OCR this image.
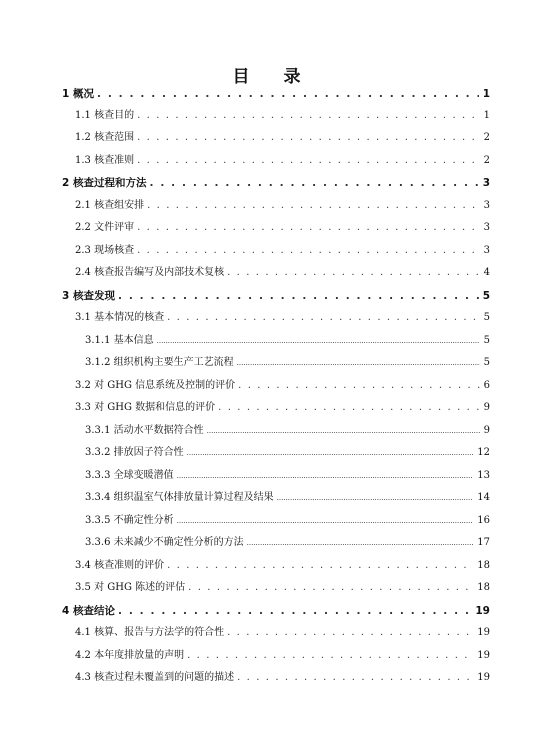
目 录
1 概况 . . .	1
1.1 核查目的 . . .	1
1.2 核查范围 . . .	2
1.3 核查准则 . . .	2
2 核查过程和方法 . . .	3
2.1 核查组安排 . . .	3
2.2 文件评审 . . .	3
2.3 现场核查 . . .	3
2.4 核查报告编写及内部技术复核 . . .	4
3 核查发现 . . .	5
3.1 基本情况的核查 . . .	5
3.1.1 基本信息 .....	5
3.1.2 组织机构主要生产工艺流程 .....	5
3.2 对 GHG 信息系统及控制的评价 . . .	6
3.3 对 GHG 数据和信息的评价 . . .	9
3.3.1 活动水平数据符合性 .....	9
3.3.2 排放因子符合性 .....	12
3.3.3 全球变暖潜值 .....	13
3.3.4 组织温室气体排放量计算过程及结果 .....	14
3.3.5 不确定性分析 .....	16
3.3.6 未来减少不确定性分析的方法 .....	17
3.4 核查准则的评价 . . .	18
3.5 对 GHG 陈述的评估 . . .	18
4 核查结论 . . .	19
4.1 核算、报告与方法学的符合性 . . .	19
4.2 本年度排放量的声明 . . .	19
4.3 核查过程未覆盖到的问题的描述 . . .	19
